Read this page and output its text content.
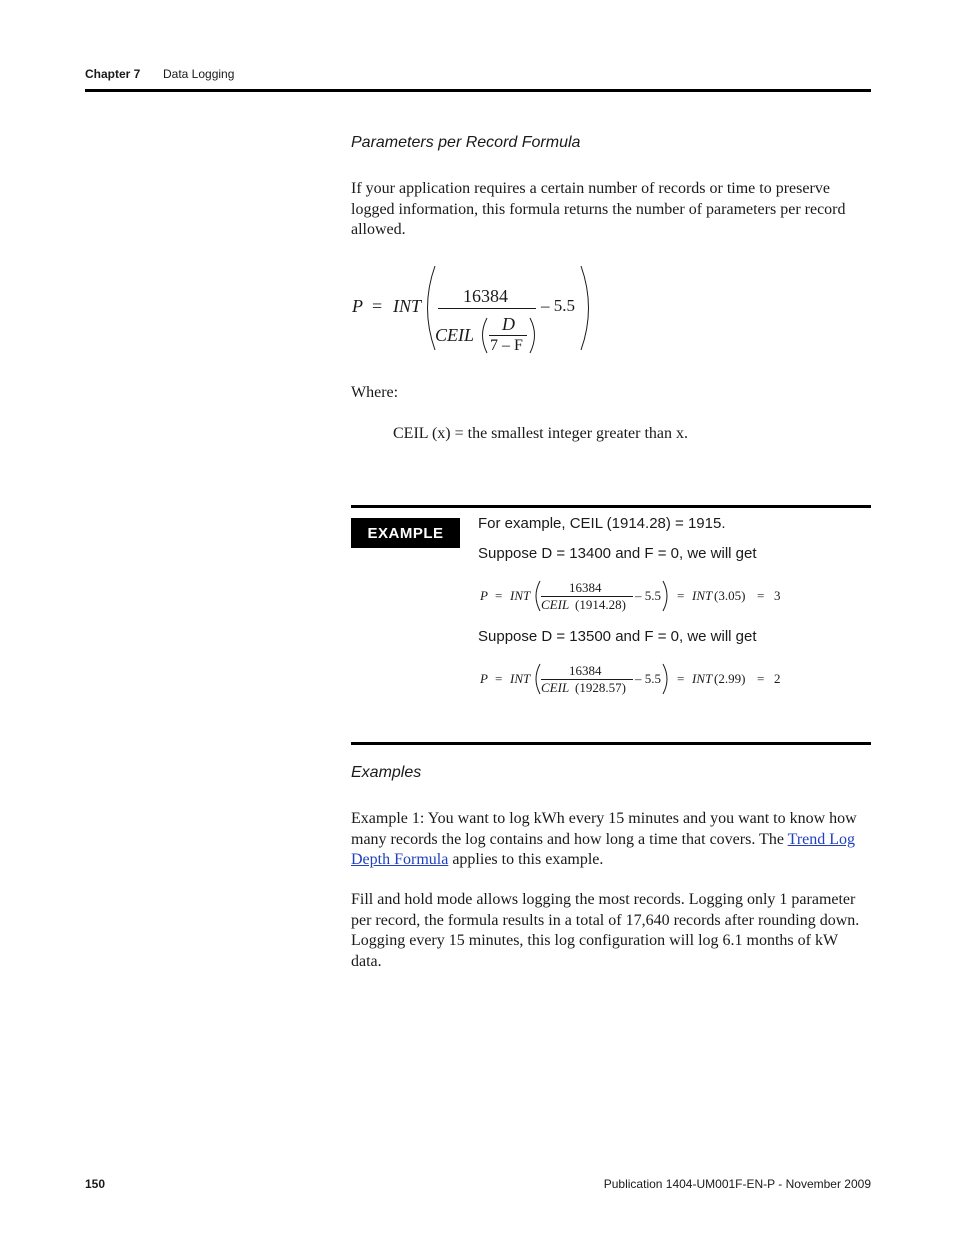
Chapter 7 Data Logging
Parameters per Record Formula
If your application requires a certain number of records or time to preserve logged information, this formula returns the number of parameters per record allowed.
P = INT 16384
CEIL
D
7 – F
– 5.5
Where:
CEIL (x) = the smallest integer greater than x.
EXAMPLE
For example, CEIL (1914.28) = 1915.
Suppose D = 13400 and F = 0, we will get
P = INT
16384
CEIL (1914.28)
– 5.5 = INT (3.05) = 3
Suppose D = 13500 and F = 0, we will get
P = INT
16384
CEIL (1928.57)
– 5.5 = INT (2.99) = 2
Examples
Example 1: You want to log kWh every 15 minutes and you want to know how many records the log contains and how long a time that covers. The Trend Log Depth Formula applies to this example.
Fill and hold mode allows logging the most records. Logging only 1 parameter per record, the formula results in a total of 17,640 records after rounding down. Logging every 15 minutes, this log configuration will log 6.1 months of kW data.
150	Publication 1404-UM001F-EN-P - November 2009
